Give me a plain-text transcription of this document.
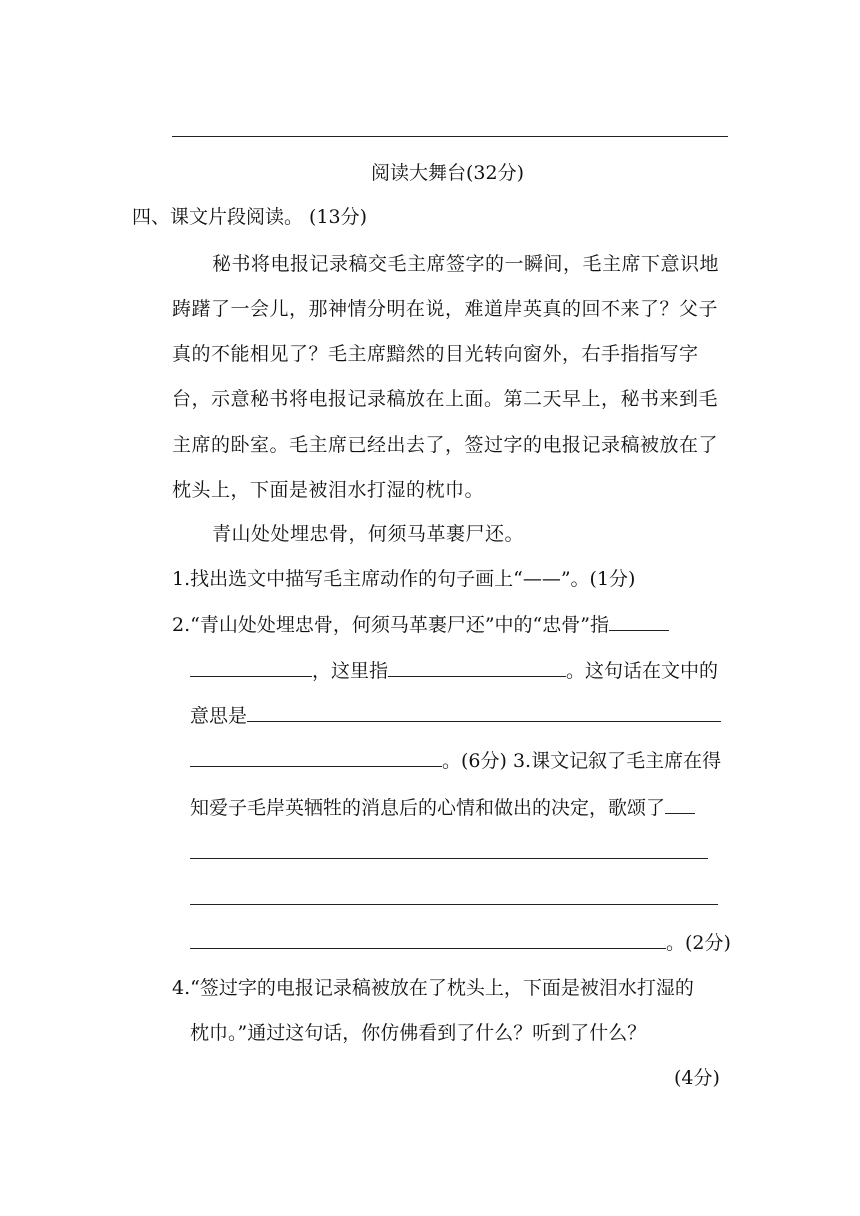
阅读大舞台(32分)
四、课文片段阅读。 (13分)
秘书将电报记录稿交毛主席签字的一瞬间，毛主席下意识地
踌躇了一会儿，那神情分明在说，难道岸英真的回不来了？父子
真的不能相见了？毛主席黯然的目光转向窗外，右手指指写字
台，示意秘书将电报记录稿放在上面。第二天早上，秘书来到毛
主席的卧室。毛主席已经出去了，签过字的电报记录稿被放在了
枕头上，下面是被泪水打湿的枕巾。
青山处处埋忠骨，何须马革裹尸还。
1.找出选文中描写毛主席动作的句子画上“——”。(1分)
2.“青山处处埋忠骨，何须马革裹尸还”中的“忠骨”指
，这里指	。这句话在文中的
意思是
。(6分) 3.课文记叙了毛主席在得
知爱子毛岸英牺牲的消息后的心情和做出的决定，歌颂了
。(2分)
4.“签过字的电报记录稿被放在了枕头上，下面是被泪水打湿的
枕巾。”通过这句话，你仿佛看到了什么？听到了什么？
(4分)
